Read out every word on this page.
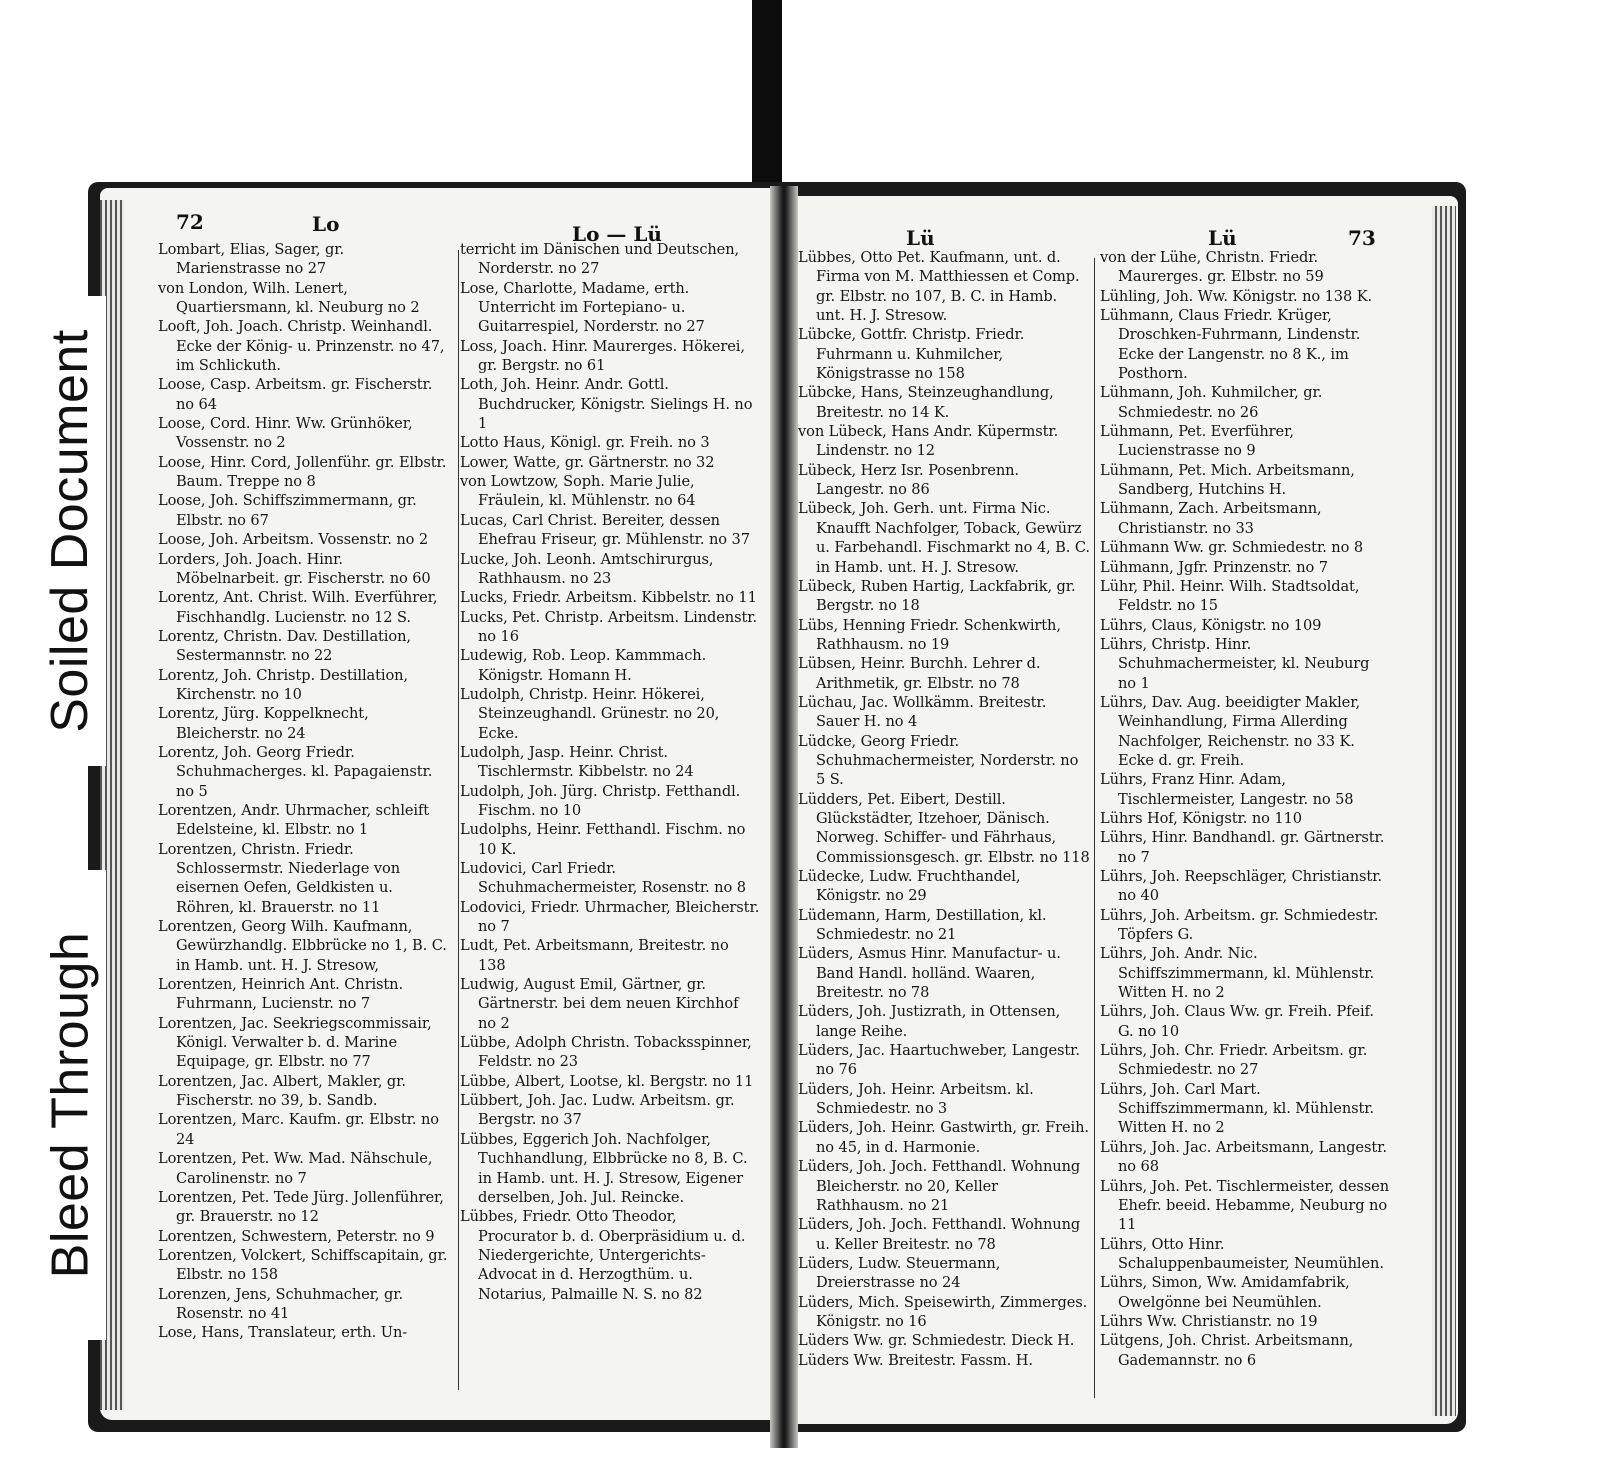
72	Lo	Lo — Lü

Lombart, Elias, Sager, gr. Marienstrasse no 27

von London, Wilh. Lenert, Quartiersmann, kl. Neuburg no 2

Looft, Joh. Joach. Christp. Weinhandl. Ecke der König- u. Prinzenstr. no 47, im Schlickuth.

Loose, Casp. Arbeitsm. gr. Fischerstr. no 64

Loose, Cord. Hinr. Ww. Grünhöker, Vossenstr. no 2

Loose, Hinr. Cord, Jollenführ. gr. Elbstr. Baum. Treppe no 8

Loose, Joh. Schiffszimmermann, gr. Elbstr. no 67

Loose, Joh. Arbeitsm. Vossenstr. no 2

Lorders, Joh. Joach. Hinr. Möbelnarbeit. gr. Fischerstr. no 60

Lorentz, Ant. Christ. Wilh. Everführer, Fischhandlg. Lucienstr. no 12 S.

Lorentz, Christn. Dav. Destillation, Sestermannstr. no 22

Lorentz, Joh. Christp. Destillation, Kirchenstr. no 10

Lorentz, Jürg. Koppelknecht, Bleicherstr. no 24

Lorentz, Joh. Georg Friedr. Schuhmacherges. kl. Papagaienstr. no 5

Lorentzen, Andr. Uhrmacher, schleift Edelsteine, kl. Elbstr. no 1

Lorentzen, Christn. Friedr. Schlossermstr. Niederlage von eisernen Oefen, Geldkisten u. Röhren, kl. Brauerstr. no 11

Lorentzen, Georg Wilh. Kaufmann, Gewürzhandlg. Elbbrücke no 1, B. C. in Hamb. unt. H. J. Stresow,

Lorentzen, Heinrich Ant. Christn. Fuhrmann, Lucienstr. no 7

Lorentzen, Jac. Seekriegscommissair, Königl. Verwalter b. d. Marine Equipage, gr. Elbstr. no 77

Lorentzen, Jac. Albert, Makler, gr. Fischerstr. no 39, b. Sandb.

Lorentzen, Marc. Kaufm. gr. Elbstr. no 24

Lorentzen, Pet. Ww. Mad. Nähschule, Carolinenstr. no 7

Lorentzen, Pet. Tede Jürg. Jollenführer, gr. Brauerstr. no 12

Lorentzen, Schwestern, Peterstr. no 9

Lorentzen, Volckert, Schiffscapitain, gr. Elbstr. no 158

Lorenzen, Jens, Schuhmacher, gr. Rosenstr. no 41

Lose, Hans, Translateur, erth. Un-

terricht im Dänischen und Deutschen, Norderstr. no 27

Lose, Charlotte, Madame, erth. Unterricht im Fortepiano- u. Guitarrespiel, Norderstr. no 27

Loss, Joach. Hinr. Maurerges. Hökerei, gr. Bergstr. no 61

Loth, Joh. Heinr. Andr. Gottl. Buchdrucker, Königstr. Sielings H. no 1

Lotto Haus, Königl. gr. Freih. no 3

Lower, Watte, gr. Gärtnerstr. no 32

von Lowtzow, Soph. Marie Julie, Fräulein, kl. Mühlenstr. no 64

Lucas, Carl Christ. Bereiter, dessen Ehefrau Friseur, gr. Mühlenstr. no 37

Lucke, Joh. Leonh. Amtschirurgus, Rathhausm. no 23

Lucks, Friedr. Arbeitsm. Kibbelstr. no 11

Lucks, Pet. Christp. Arbeitsm. Lindenstr. no 16

Ludewig, Rob. Leop. Kammmach. Königstr. Homann H.

Ludolph, Christp. Heinr. Hökerei, Steinzeughandl. Grünestr. no 20, Ecke.

Ludolph, Jasp. Heinr. Christ. Tischlermstr. Kibbelstr. no 24

Ludolph, Joh. Jürg. Christp. Fetthandl. Fischm. no 10

Ludolphs, Heinr. Fetthandl. Fischm. no 10 K.

Ludovici, Carl Friedr. Schuhmachermeister, Rosenstr. no 8

Lodovici, Friedr. Uhrmacher, Bleicherstr. no 7

Ludt, Pet. Arbeitsmann, Breitestr. no 138

Ludwig, August Emil, Gärtner, gr. Gärtnerstr. bei dem neuen Kirchhof no 2

Lübbe, Adolph Christn. Tobacksspinner, Feldstr. no 23

Lübbe, Albert, Lootse, kl. Bergstr. no 11

Lübbert, Joh. Jac. Ludw. Arbeitsm. gr. Bergstr. no 37

Lübbes, Eggerich Joh. Nachfolger, Tuchhandlung, Elbbrücke no 8, B. C. in Hamb. unt. H. J. Stresow, Eigener derselben, Joh. Jul. Reincke.

Lübbes, Friedr. Otto Theodor, Procurator b. d. Oberpräsidium u. d. Niedergerichte, Untergerichts-Advocat in d. Herzogthüm. u. Notarius, Palmaille N. S. no 82

Lü	Lü	73

Lübbes, Otto Pet. Kaufmann, unt. d. Firma von M. Matthiessen et Comp. gr. Elbstr. no 107, B. C. in Hamb. unt. H. J. Stresow.

Lübcke, Gottfr. Christp. Friedr. Fuhrmann u. Kuhmilcher, Königstrasse no 158

Lübcke, Hans, Steinzeughandlung, Breitestr. no 14 K.

von Lübeck, Hans Andr. Küpermstr. Lindenstr. no 12

Lübeck, Herz Isr. Posenbrenn. Langestr. no 86

Lübeck, Joh. Gerh. unt. Firma Nic. Knaufft Nachfolger, Toback, Gewürz u. Farbehandl. Fischmarkt no 4, B. C. in Hamb. unt. H. J. Stresow.

Lübeck, Ruben Hartig, Lackfabrik, gr. Bergstr. no 18

Lübs, Henning Friedr. Schenkwirth, Rathhausm. no 19

Lübsen, Heinr. Burchh. Lehrer d. Arithmetik, gr. Elbstr. no 78

Lüchau, Jac. Wollkämm. Breitestr. Sauer H. no 4

Lüdcke, Georg Friedr. Schuhmachermeister, Norderstr. no 5 S.

Lüdders, Pet. Eibert, Destill. Glückstädter, Itzehoer, Dänisch. Norweg. Schiffer- und Fährhaus, Commissionsgesch. gr. Elbstr. no 118

Lüdecke, Ludw. Fruchthandel, Königstr. no 29

Lüdemann, Harm, Destillation, kl. Schmiedestr. no 21

Lüders, Asmus Hinr. Manufactur- u. Band Handl. holländ. Waaren, Breitestr. no 78

Lüders, Joh. Justizrath, in Ottensen, lange Reihe.

Lüders, Jac. Haartuchweber, Langestr. no 76

Lüders, Joh. Heinr. Arbeitsm. kl. Schmiedestr. no 3

Lüders, Joh. Heinr. Gastwirth, gr. Freih. no 45, in d. Harmonie.

Lüders, Joh. Joch. Fetthandl. Wohnung Bleicherstr. no 20, Keller Rathhausm. no 21

Lüders, Joh. Joch. Fetthandl. Wohnung u. Keller Breitestr. no 78

Lüders, Ludw. Steuermann, Dreierstrasse no 24

Lüders, Mich. Speisewirth, Zimmerges. Königstr. no 16

Lüders Ww. gr. Schmiedestr. Dieck H.

Lüders Ww. Breitestr. Fassm. H.

von der Lühe, Christn. Friedr. Maurerges. gr. Elbstr. no 59

Lühling, Joh. Ww. Königstr. no 138 K.

Lühmann, Claus Friedr. Krüger, Droschken-Fuhrmann, Lindenstr. Ecke der Langenstr. no 8 K., im Posthorn.

Lühmann, Joh. Kuhmilcher, gr. Schmiedestr. no 26

Lühmann, Pet. Everführer, Lucienstrasse no 9

Lühmann, Pet. Mich. Arbeitsmann, Sandberg, Hutchins H.

Lühmann, Zach. Arbeitsmann, Christianstr. no 33

Lühmann Ww. gr. Schmiedestr. no 8

Lühmann, Jgfr. Prinzenstr. no 7

Lühr, Phil. Heinr. Wilh. Stadtsoldat, Feldstr. no 15

Lührs, Claus, Königstr. no 109

Lührs, Christp. Hinr. Schuhmachermeister, kl. Neuburg no 1

Lührs, Dav. Aug. beeidigter Makler, Weinhandlung, Firma Allerding Nachfolger, Reichenstr. no 33 K. Ecke d. gr. Freih.

Lührs, Franz Hinr. Adam, Tischlermeister, Langestr. no 58

Lührs Hof, Königstr. no 110

Lührs, Hinr. Bandhandl. gr. Gärtnerstr. no 7

Lührs, Joh. Reepschläger, Christianstr. no 40

Lührs, Joh. Arbeitsm. gr. Schmiedestr. Töpfers G.

Lührs, Joh. Andr. Nic. Schiffszimmermann, kl. Mühlenstr. Witten H. no 2

Lührs, Joh. Claus Ww. gr. Freih. Pfeif. G. no 10

Lührs, Joh. Chr. Friedr. Arbeitsm. gr. Schmiedestr. no 27

Lührs, Joh. Carl Mart. Schiffszimmermann, kl. Mühlenstr. Witten H. no 2

Lührs, Joh. Jac. Arbeitsmann, Langestr. no 68

Lührs, Joh. Pet. Tischlermeister, dessen Ehefr. beeid. Hebamme, Neuburg no 11

Lührs, Otto Hinr. Schaluppenbaumeister, Neumühlen.

Lührs, Simon, Ww. Amidamfabrik, Owelgönne bei Neumühlen.

Lührs Ww. Christianstr. no 19

Lütgens, Joh. Christ. Arbeitsmann, Gademannstr. no 6

Soiled Document
Bleed Through
